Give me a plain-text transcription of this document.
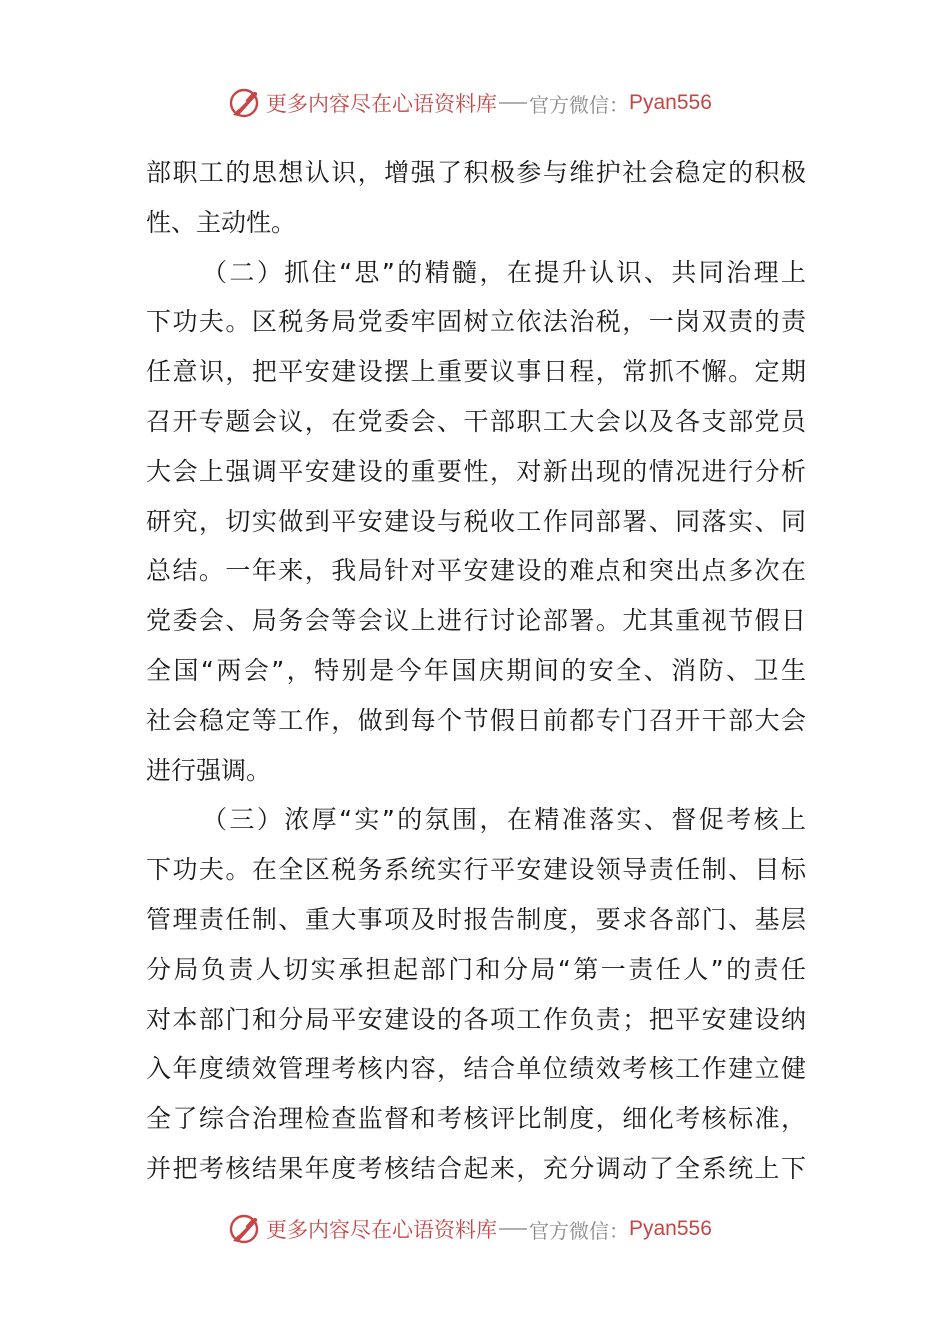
更多内容尽在心语资料库 官方微信： Pyan556
部职工的思想认识，增强了积极参与维护社会稳定的积极
性、主动性。
（二）抓住“思”的精髓，在提升认识、共同治理上
下功夫。区税务局党委牢固树立依法治税，一岗双责的责
任意识，把平安建设摆上重要议事日程，常抓不懈。定期
召开专题会议，在党委会、干部职工大会以及各支部党员
大会上强调平安建设的重要性，对新出现的情况进行分析
研究，切实做到平安建设与税收工作同部署、同落实、同
总结。一年来，我局针对平安建设的难点和突出点多次在
党委会、局务会等会议上进行讨论部署。尤其重视节假日
全国“两会”，特别是今年国庆期间的安全、消防、卫生
社会稳定等工作，做到每个节假日前都专门召开干部大会
进行强调。
（三）浓厚“实”的氛围，在精准落实、督促考核上
下功夫。在全区税务系统实行平安建设领导责任制、目标
管理责任制、重大事项及时报告制度，要求各部门、基层
分局负责人切实承担起部门和分局“第一责任人”的责任
对本部门和分局平安建设的各项工作负责；把平安建设纳
入年度绩效管理考核内容，结合单位绩效考核工作建立健
全了综合治理检查监督和考核评比制度，细化考核标准，
并把考核结果年度考核结合起来，充分调动了全系统上下
更多内容尽在心语资料库 官方微信： Pyan556
